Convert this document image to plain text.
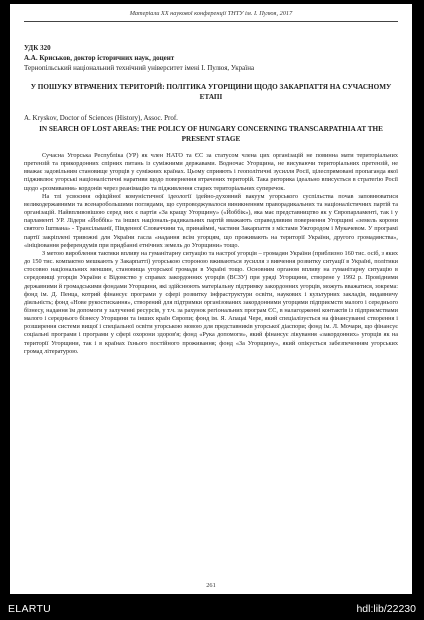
Матеріали XX наукової конференції ТНТУ ім. І. Пулюя, 2017
УДК 320
А.А. Криськов, доктор історичних наук, доцент
Тернопільський національний технічний університет імені І. Пулюя, Україна
У ПОШУКУ ВТРАЧЕНИХ ТЕРИТОРІЙ: ПОЛІТИКА УГОРЩИНИ ЩОДО ЗАКАРПАТТЯ НА СУЧАСНОМУ ЕТАПІ
A. Kryskov, Doctor of Sciences (History), Assoc. Prof.
IN SEARCH OF LOST AREAS: THE POLICY OF HUNGARY CONCERNING TRANSCARPATHIA AT THE PRESENT STAGE

Сучасна Угорська Республіка (УР) як член НАТО та ЄС за статусом члена цих організацій не повинна мати територіальних претензій та прикордонних спірних питань із суміжними державами. Водночас Угорщина, не висуваючи територіальних претензій, не вважає задовільним становище угорців у суміжних країнах. Цьому сприяють і геополітичні зусилля Росії, цілеспрямовані пропаганда якої підживлює угорські націоналістичні наративи щодо повернення втрачених територій. Така риторика ідеально вписується в стратегію Росії щодо «розмивання» кордонів через реанімацію та підживлення старих територіальних суперечок.

На тлі усвоєння офіційної комуністичної ідеології ідейно-духовний вакуум угорського суспільства почав заповнюватися великодержавними та всенаробольшими поглядами, що супроводжувалося виникненням праворадикальних та націоналістичних партій та організацій. Найвпливовішою серед них є партія «За кращу Угорщину» («Йоббік»), яка має представництво як у Європарламенті, так і у парламенті УР. Лідери «Йоббік» та інших національ-радикальних партій вважають справедливим повернення Угорщині «земель корони святого Іштвана» - Трансільванії, Південної Словаччини та, принаймні, частини Закарпаття з містами Ужгородом і Мукачевом. У програмі партії закріплені тривожні для України гасла «надання всім угорцям, що проживають на території України, другого громадянства», «ініціювання референдумів при придбанні етнічних земель до Угорщини» тощо.

З метою вироблення тактики впливу на гуманітарну ситуацію та настрої угорців – громадян України (приблизно 160 тис. осіб, з яких до 150 тис. компактно мешкають у Закарпатті) угорською стороною вживаються зусилля з вивчення розвитку ситуації в Україні, політики стосовно національних меншин, становища угорської громади в Україні тощо. Основним органом впливу на гуманітарну ситуацію в середовищі угорців України є Відомство у справах закордонних угорців (ВСЗУ) при уряді Угорщини, створене у 1992 р. Провідними державними й громадськими фондами Угорщини, які здійснюють матеріальну підтримку закордонних угорців, можуть вважатися, зокрема: фонд ім. Д. Пенца, котрий фінансує програми у сфері розвитку інфраструктури освіти, наукових і культурних закладів, видавничу діяльність; фонд «Нове рукостискання», створений для підтримки організованих закордонними угорцями підприємств малого і середнього бізнесу, надання їм допомоги у залученні ресурсів, у т.ч. за рахунок регіональних програм ЄС, в налагодженні контактів із підприємствами малого і середнього бізнесу Угорщини та інших країн Європи; фонд ім. Я. Апацаі Чере, який спеціалізується на фінансуванні створення і розширення системи вищої і спеціальної освіти угорською мовою для представників угорської діаспори; фонд ім. Л. Мочари, що фінансує соціальні програми і програми у сфері охорони здоров'я; фонд «Рука допомоги», який фінансує лікування «закордонних» угорців як на території Угорщини, так і в країнах їхнього постійного проживання; фонд «За Угорщину», який опікується забезпеченням угорських громад літературою.

261
ELARTU	hdl:lib/22230
